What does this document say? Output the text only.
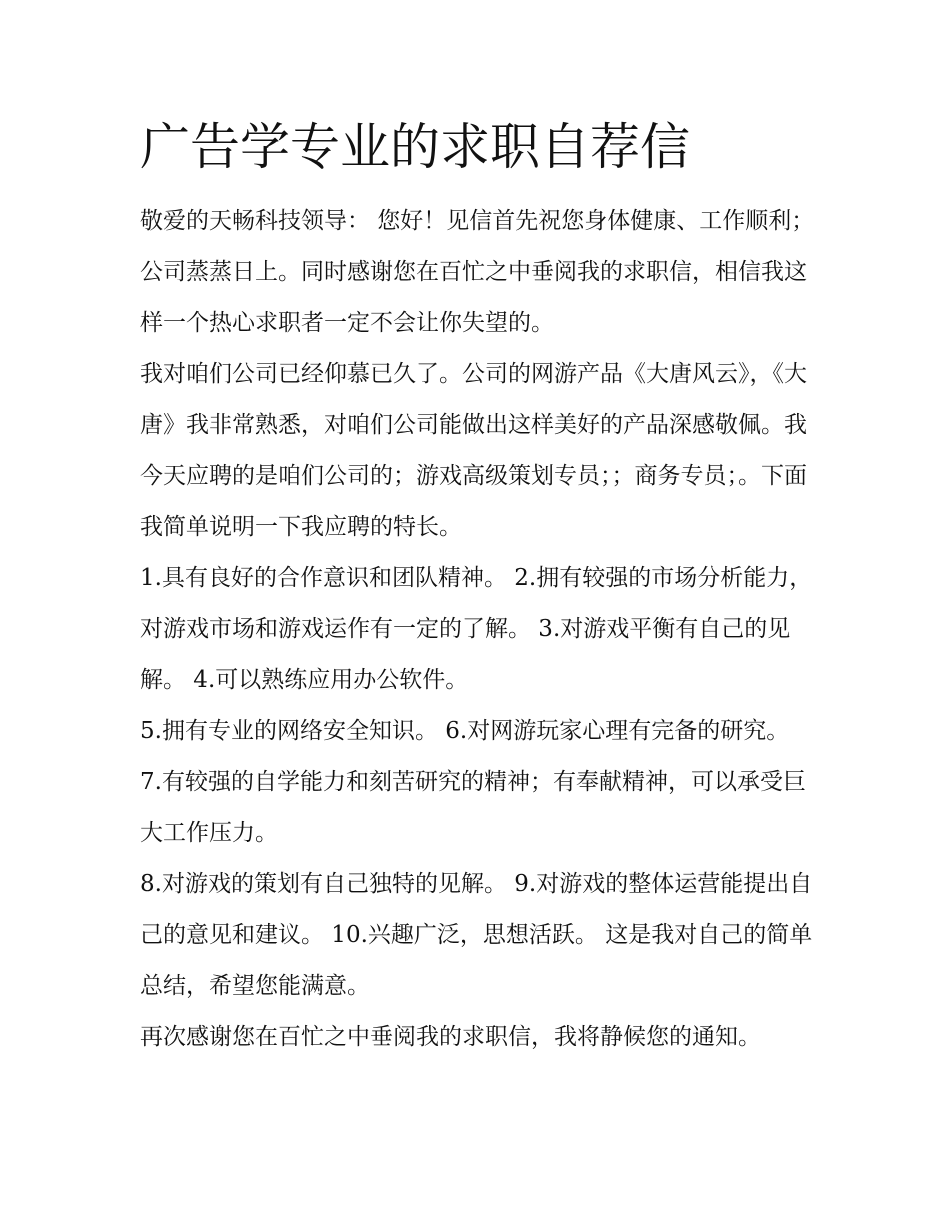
广告学专业的求职自荐信

敬爱的天畅科技领导： 您好！见信首先祝您身体健康、工作顺利；公司蒸蒸日上。同时感谢您在百忙之中垂阅我的求职信，相信我这样一个热心求职者一定不会让你失望的。

我对咱们公司已经仰慕已久了。公司的网游产品《大唐风云》，《大唐》我非常熟悉，对咱们公司能做出这样美好的产品深感敬佩。我今天应聘的是咱们公司的；游戏高级策划专员；；商务专员；。下面我简单说明一下我应聘的特长。

1.具有良好的合作意识和团队精神。 2.拥有较强的市场分析能力，对游戏市场和游戏运作有一定的了解。 3.对游戏平衡有自己的见解。 4.可以熟练应用办公软件。

5.拥有专业的网络安全知识。 6.对网游玩家心理有完备的研究。 7.有较强的自学能力和刻苦研究的精神；有奉献精神，可以承受巨大工作压力。

8.对游戏的策划有自己独特的见解。 9.对游戏的整体运营能提出自己的意见和建议。 10.兴趣广泛，思想活跃。 这是我对自己的简单总结，希望您能满意。

再次感谢您在百忙之中垂阅我的求职信，我将静候您的通知。
